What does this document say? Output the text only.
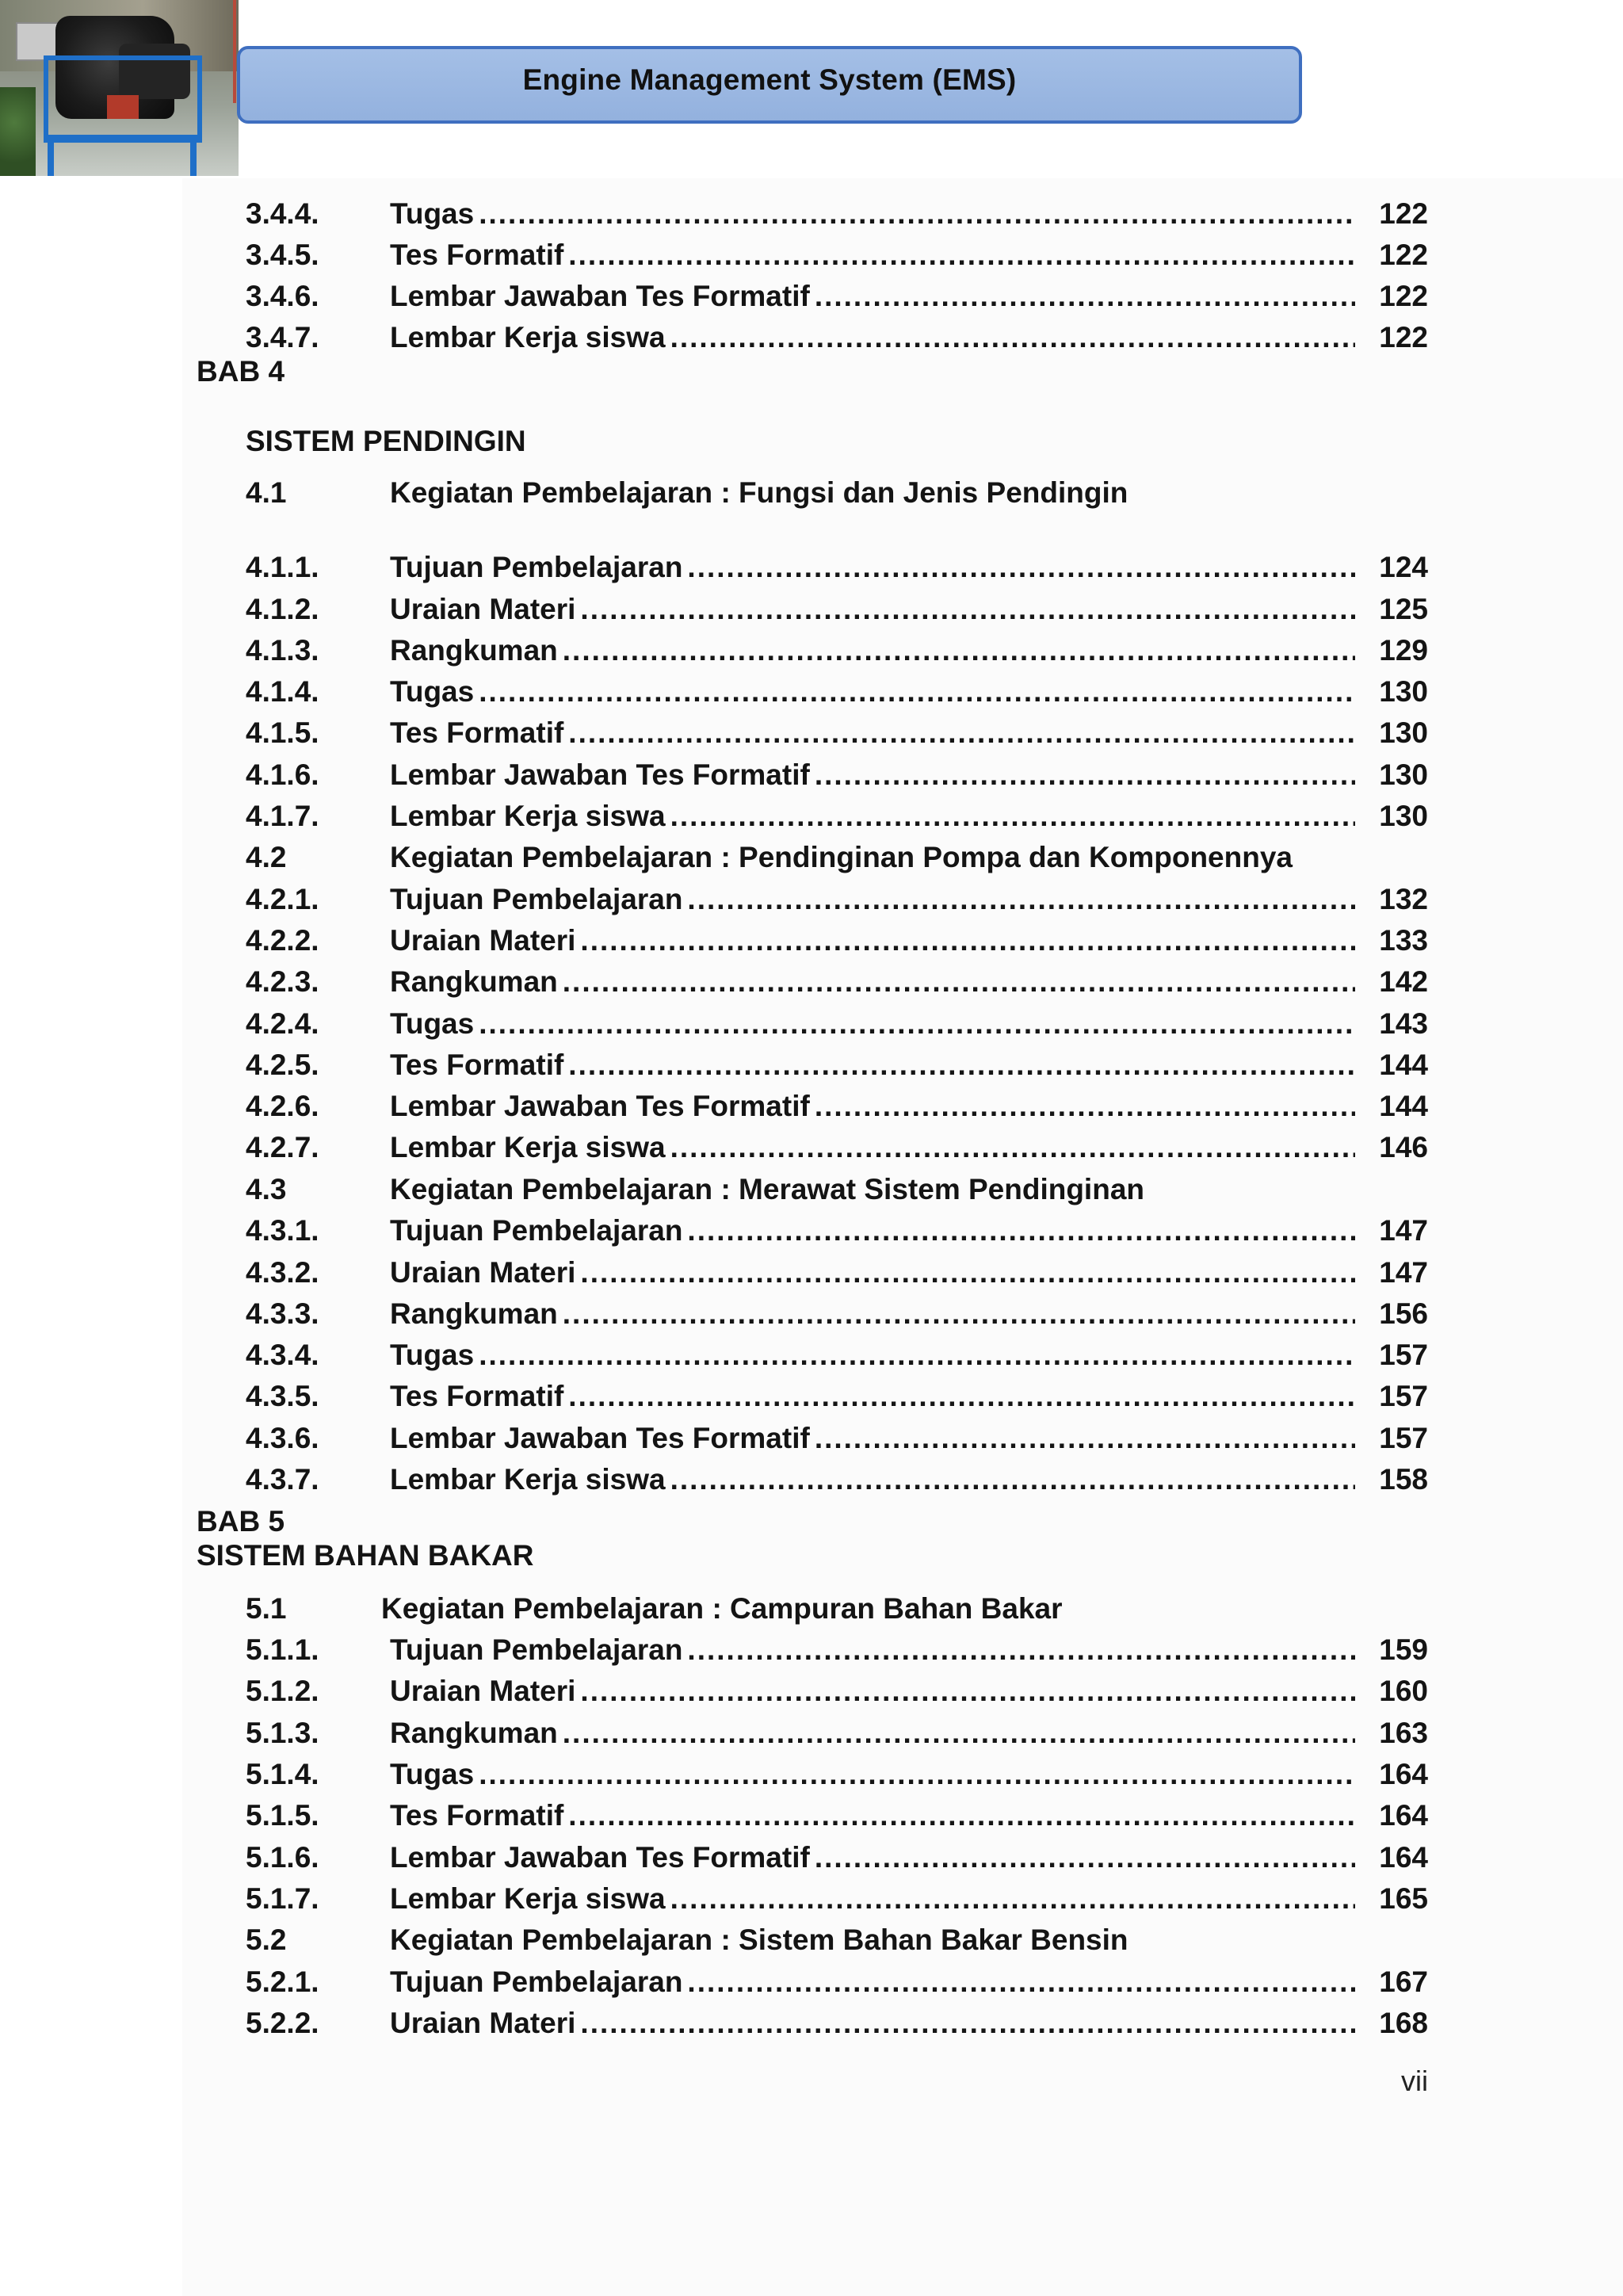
Engine Management System (EMS)
3.4.4. Tugas .....	122
3.4.5. Tes Formatif .....	122
3.4.6. Lembar Jawaban Tes Formatif .....	122
3.4.7. Lembar Kerja siswa .....	122
BAB 4
SISTEM PENDINGIN
4.1	Kegiatan Pembelajaran : Fungsi dan Jenis Pendingin
4.1.1. Tujuan Pembelajaran .....	124
4.1.2. Uraian Materi .....	125
4.1.3. Rangkuman .....	129
4.1.4. Tugas .....	130
4.1.5. Tes Formatif .....	130
4.1.6. Lembar Jawaban Tes Formatif .....	130
4.1.7. Lembar Kerja siswa .....	130
4.2	Kegiatan Pembelajaran : Pendinginan Pompa dan Komponennya
4.2.1. Tujuan Pembelajaran .....	132
4.2.2. Uraian Materi .....	133
4.2.3. Rangkuman .....	142
4.2.4. Tugas .....	143
4.2.5. Tes Formatif .....	144
4.2.6. Lembar Jawaban Tes Formatif .....	144
4.2.7. Lembar Kerja siswa .....	146
4.3	Kegiatan Pembelajaran : Merawat Sistem Pendinginan
4.3.1. Tujuan Pembelajaran .....	147
4.3.2. Uraian Materi .....	147
4.3.3. Rangkuman .....	156
4.3.4. Tugas .....	157
4.3.5. Tes Formatif .....	157
4.3.6. Lembar Jawaban Tes Formatif .....	157
4.3.7. Lembar Kerja siswa .....	158
BAB 5
SISTEM BAHAN BAKAR
5.1	Kegiatan Pembelajaran : Campuran Bahan Bakar
5.1.1. Tujuan Pembelajaran .....	159
5.1.2. Uraian Materi .....	160
5.1.3. Rangkuman .....	163
5.1.4. Tugas .....	164
5.1.5. Tes Formatif .....	164
5.1.6. Lembar Jawaban Tes Formatif .....	164
5.1.7. Lembar Kerja siswa .....	165
5.2	Kegiatan Pembelajaran : Sistem Bahan Bakar Bensin
5.2.1. Tujuan Pembelajaran .....	167
5.2.2. Uraian Materi .....	168
vii
